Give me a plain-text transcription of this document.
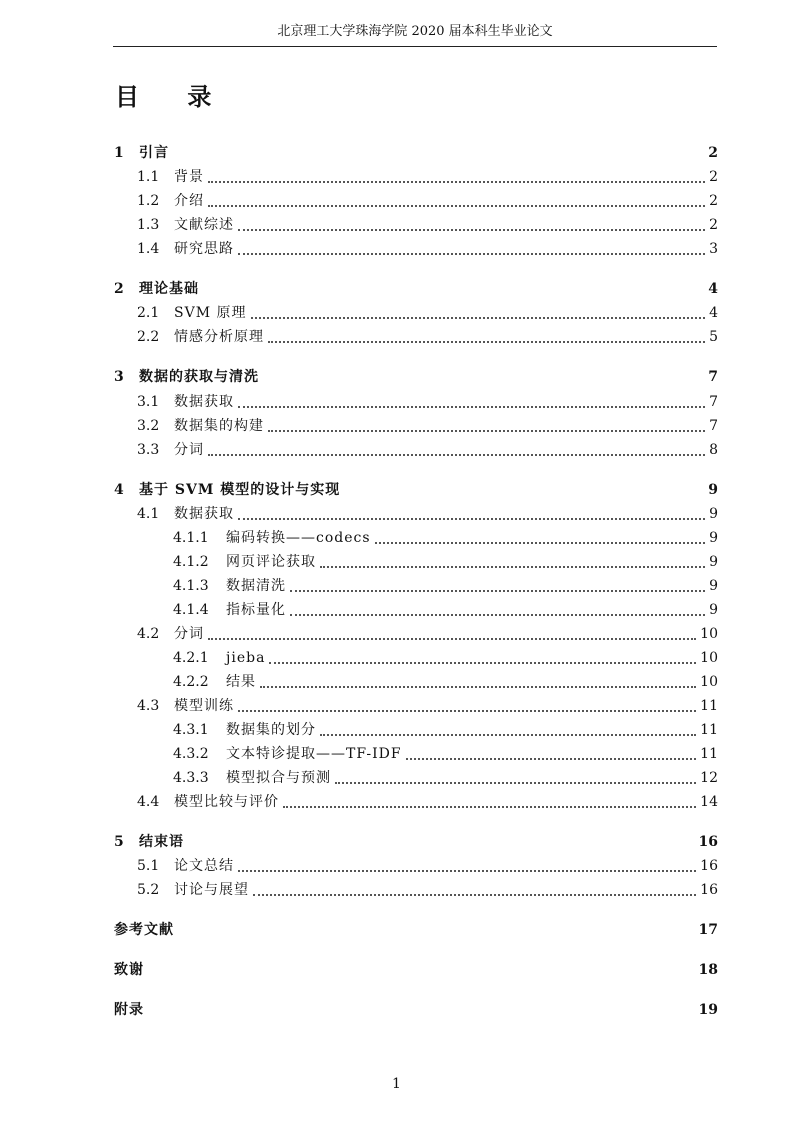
北京理工大学珠海学院 2020 届本科生毕业论文
目 录
1	引言	2
1.1	背景	2
1.2	介绍	2
1.3	文献综述	2
1.4	研究思路	3
2	理论基础	4
2.1	SVM 原理	4
2.2	情感分析原理	5
3	数据的获取与清洗	7
3.1	数据获取	7
3.2	数据集的构建	7
3.3	分词	8
4	基于 SVM 模型的设计与实现	9
4.1	数据获取	9
4.1.1	编码转换——codecs	9
4.1.2	网页评论获取	9
4.1.3	数据清洗	9
4.1.4	指标量化	9
4.2	分词	10
4.2.1	jieba	10
4.2.2	结果	10
4.3	模型训练	11
4.3.1	数据集的划分	11
4.3.2	文本特诊提取——TF-IDF	11
4.3.3	模型拟合与预测	12
4.4	模型比较与评价	14
5	结束语	16
5.1	论文总结	16
5.2	讨论与展望	16
参考文献	17
致谢	18
附录	19
1
